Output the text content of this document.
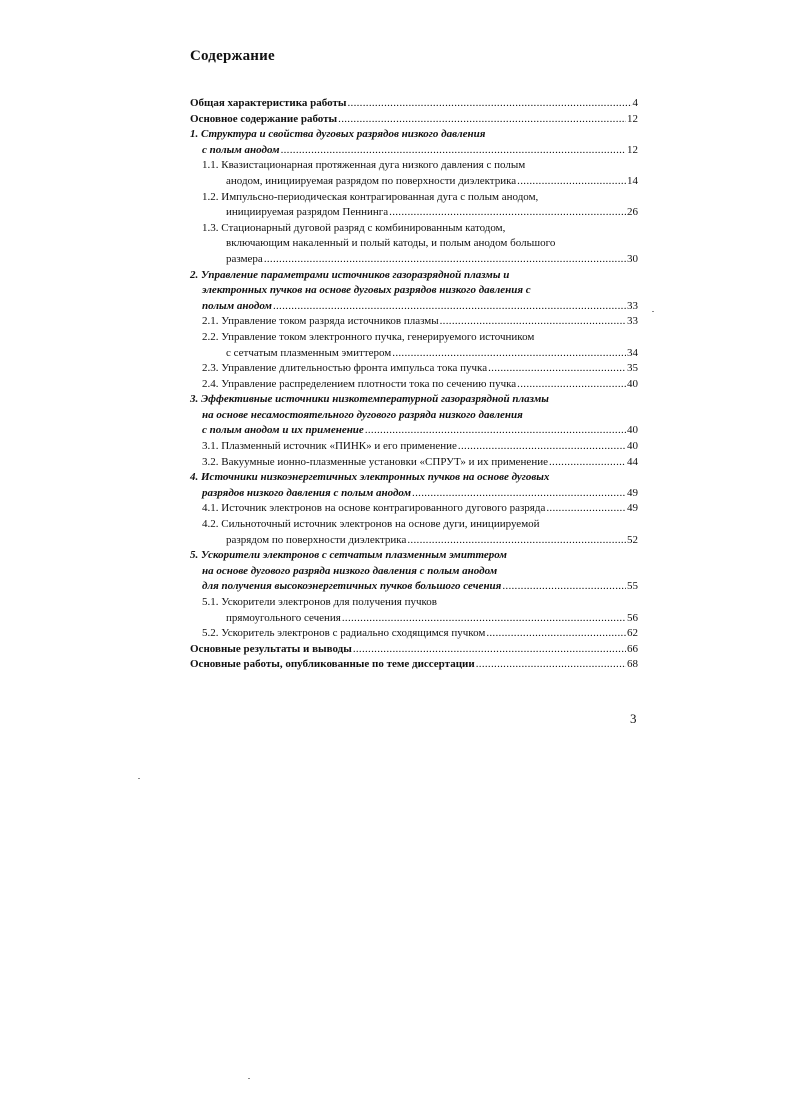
Содержание
Общая характеристика работы .....	4
Основное содержание работы .....	12
1. Структура и свойства дуговых разрядов низкого давления
с полым анодом .....	12
1.1. Квазистационарная протяженная дуга низкого давления с полым
анодом, инициируемая разрядом по поверхности диэлектрика .....	14
1.2. Импульсно-периодическая контрагированная дуга с полым анодом,
инициируемая разрядом Пеннинга .....	26
1.3. Стационарный дуговой разряд с комбинированным катодом,
включающим накаленный и полый катоды, и полым анодом большого
размера .....	30
2. Управление параметрами источников газоразрядной плазмы и
электронных пучков на основе дуговых разрядов низкого давления с
полым анодом .....	33
2.1. Управление током разряда источников плазмы .....	33
2.2. Управление током электронного пучка, генерируемого источником
с сетчатым плазменным эмиттером .....	34
2.3. Управление длительностью фронта импульса тока пучка .....	35
2.4. Управление распределением плотности тока по сечению пучка .....	40
3. Эффективные источники низкотемпературной газоразрядной плазмы
на основе несамостоятельного дугового разряда низкого давления
с полым анодом и их применение .....	40
3.1. Плазменный источник «ПИНК» и его применение .....	40
3.2. Вакуумные ионно-плазменные установки «СПРУТ» и их применение .....	44
4. Источники низкоэнергетичных электронных пучков на основе дуговых
разрядов низкого давления с полым анодом .....	49
4.1. Источник электронов на основе контрагированного дугового разряда .....	49
4.2. Сильноточный источник электронов на основе дуги, инициируемой
разрядом по поверхности диэлектрика .....	52
5. Ускорители электронов с сетчатым плазменным эмиттером
на основе дугового разряда низкого давления с полым анодом
для получения высокоэнергетичных пучков большого сечения .....	55
5.1. Ускорители электронов для получения пучков
прямоугольного сечения .....	56
5.2. Ускоритель электронов с радиально сходящимся пучком .....	62
Основные результаты и выводы .....	66
Основные работы, опубликованные по теме диссертации .....	68
3
